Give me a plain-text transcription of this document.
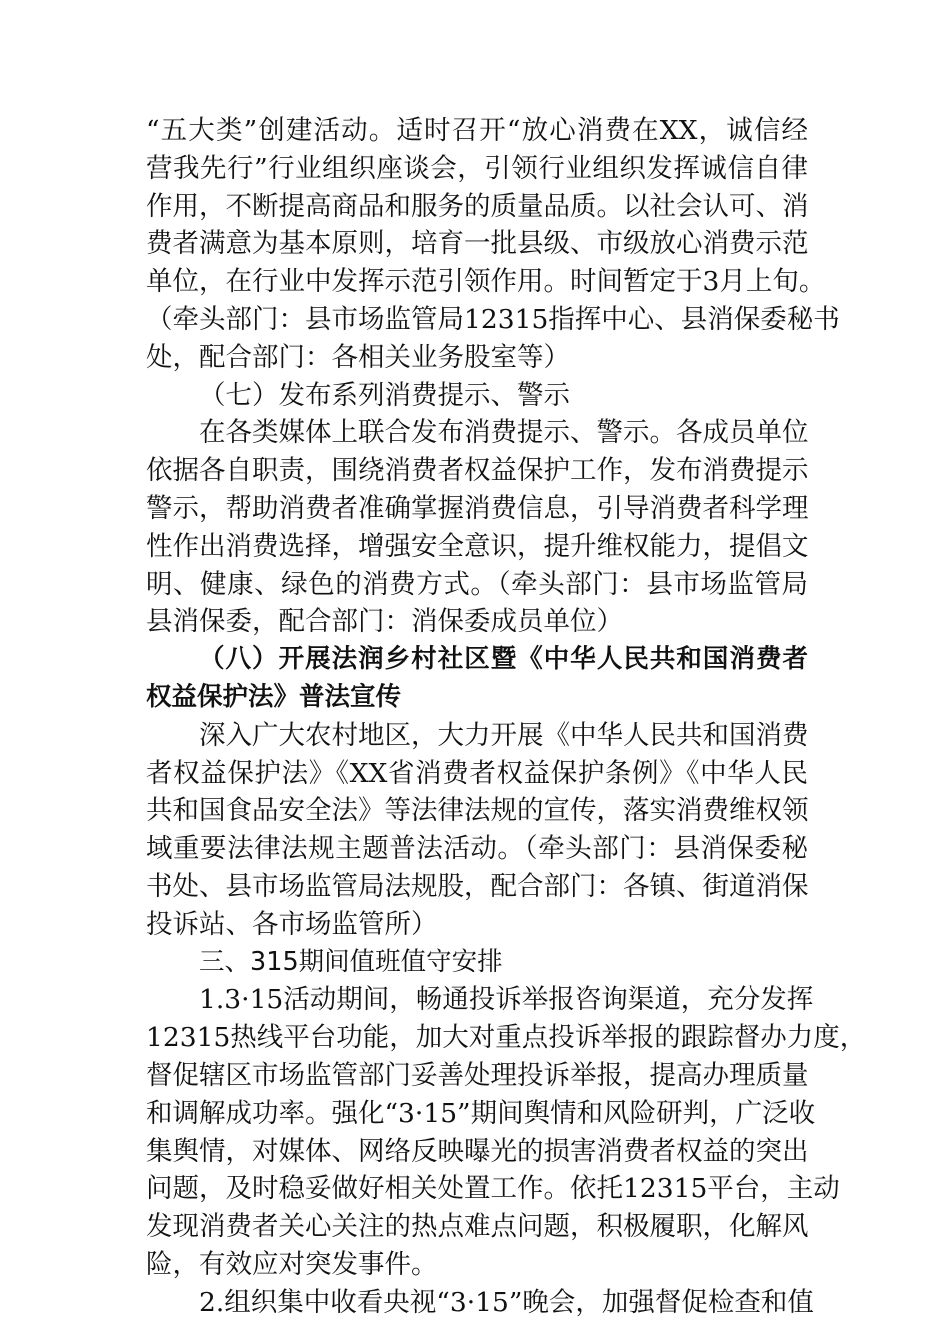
“五大类”创建活动。适时召开“放心消费在XX，诚信经
营我先行”行业组织座谈会，引领行业组织发挥诚信自律
作用，不断提高商品和服务的质量品质。以社会认可、消
费者满意为基本原则，培育一批县级、市级放心消费示范
单位，在行业中发挥示范引领作用。时间暂定于3月上旬。
（牵头部门：县市场监管局12315指挥中心、县消保委秘书
处，配合部门：各相关业务股室等）
（七）发布系列消费提示、警示
在各类媒体上联合发布消费提示、警示。各成员单位
依据各自职责，围绕消费者权益保护工作，发布消费提示
警示，帮助消费者准确掌握消费信息，引导消费者科学理
性作出消费选择，增强安全意识，提升维权能力，提倡文
明、健康、绿色的消费方式。（牵头部门：县市场监管局
县消保委，配合部门：消保委成员单位）
（八）开展法润乡村社区暨《中华人民共和国消费者
权益保护法》普法宣传
深入广大农村地区，大力开展《中华人民共和国消费
者权益保护法》《XX省消费者权益保护条例》《中华人民
共和国食品安全法》等法律法规的宣传，落实消费维权领
域重要法律法规主题普法活动。（牵头部门：县消保委秘
书处、县市场监管局法规股，配合部门：各镇、街道消保
投诉站、各市场监管所）
三、315期间值班值守安排
1.3·15活动期间，畅通投诉举报咨询渠道，充分发挥
12315热线平台功能，加大对重点投诉举报的跟踪督办力度，
督促辖区市场监管部门妥善处理投诉举报，提高办理质量
和调解成功率。强化“3·15”期间舆情和风险研判，广泛收
集舆情，对媒体、网络反映曝光的损害消费者权益的突出
问题，及时稳妥做好相关处置工作。依托12315平台，主动
发现消费者关心关注的热点难点问题，积极履职，化解风
险，有效应对突发事件。
2.组织集中收看央视“3·15”晚会，加强督促检查和值
